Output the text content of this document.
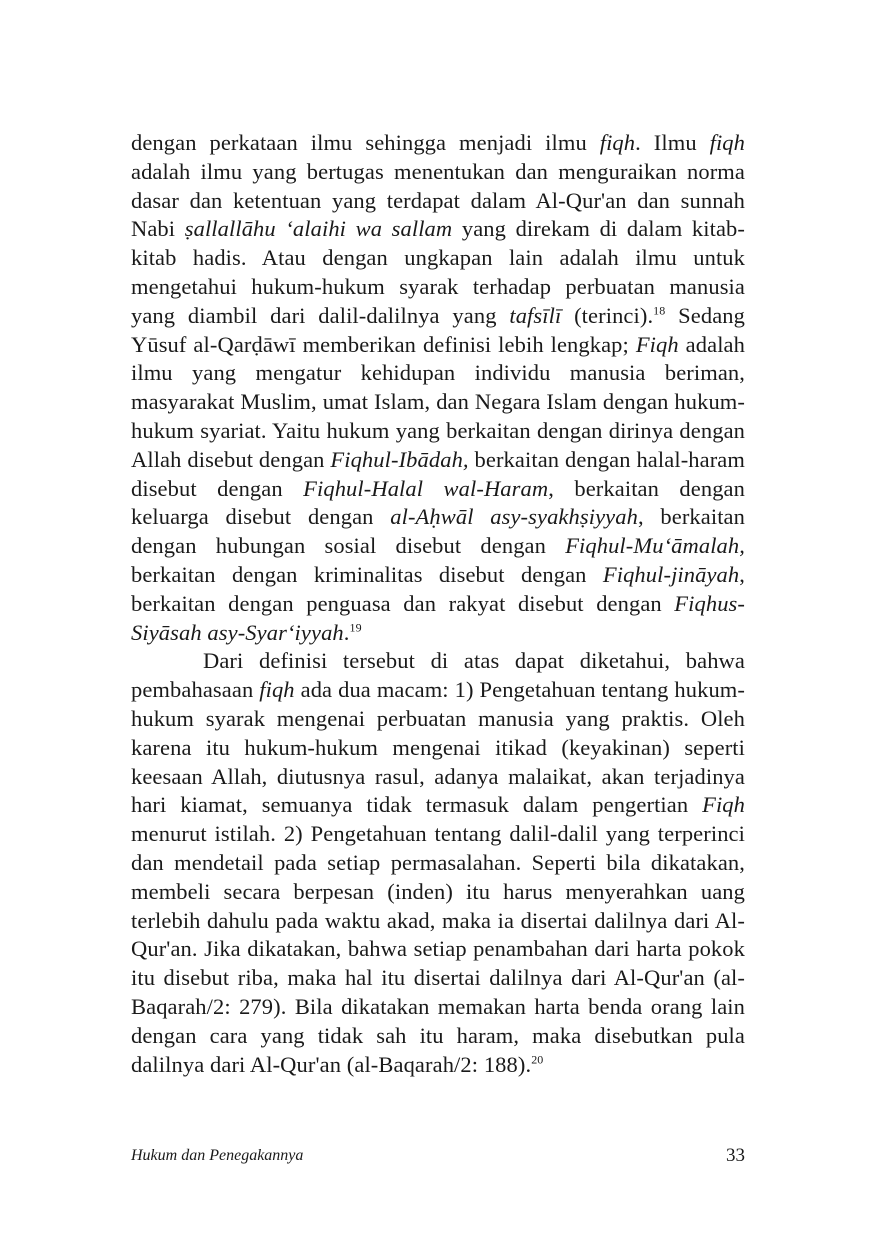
dengan perkataan ilmu sehingga menjadi ilmu fiqh. Ilmu fiqh adalah ilmu yang bertugas menentukan dan menguraikan norma dasar dan ketentuan yang terdapat dalam Al-Qur'an dan sunnah Nabi ṣallallāhu ‘alaihi wa sallam yang direkam di dalam kitab-kitab hadis. Atau dengan ungkapan lain adalah ilmu untuk mengetahui hukum-hukum syarak terhadap perbuatan manusia yang diambil dari dalil-dalilnya yang tafsīlī (terinci).$^{18}$ Sedang Yūsuf al-Qarḍāwī memberikan definisi lebih lengkap; Fiqh adalah ilmu yang mengatur kehidupan individu manusia beriman, masyarakat Muslim, umat Islam, dan Negara Islam dengan hukum-hukum syariat. Yaitu hukum yang berkaitan dengan dirinya dengan Allah disebut dengan Fiqhul-Ibādah, berkaitan dengan halal-haram disebut dengan Fiqhul-Halal wal-Haram, berkaitan dengan keluarga disebut dengan al-Aḥwāl asy-syakhṣiyyah, berkaitan dengan hubungan sosial disebut dengan Fiqhul-Mu‘āmalah, berkaitan dengan kriminalitas disebut dengan Fiqhul-jināyah, berkaitan dengan penguasa dan rakyat disebut dengan Fiqhus-Siyāsah asy-Syar‘iyyah.$^{19}$

Dari definisi tersebut di atas dapat diketahui, bahwa pembahasaan fiqh ada dua macam: 1) Pengetahuan tentang hukum-hukum syarak mengenai perbuatan manusia yang praktis. Oleh karena itu hukum-hukum mengenai itikad (keyakinan) seperti keesaan Allah, diutusnya rasul, adanya malaikat, akan terjadinya hari kiamat, semuanya tidak termasuk dalam pengertian Fiqh menurut istilah. 2) Pengetahuan tentang dalil-dalil yang terperinci dan mendetail pada setiap permasalahan. Seperti bila dikatakan, membeli secara berpesan (inden) itu harus menyerahkan uang terlebih dahulu pada waktu akad, maka ia disertai dalilnya dari Al-Qur'an. Jika dikatakan, bahwa setiap penambahan dari harta pokok itu disebut riba, maka hal itu disertai dalilnya dari Al-Qur'an (al-Baqarah/2: 279). Bila dikatakan memakan harta benda orang lain dengan cara yang tidak sah itu haram, maka disebutkan pula dalilnya dari Al-Qur'an (al-Baqarah/2: 188).$^{20}$

Hukum dan Penegakannya	33
